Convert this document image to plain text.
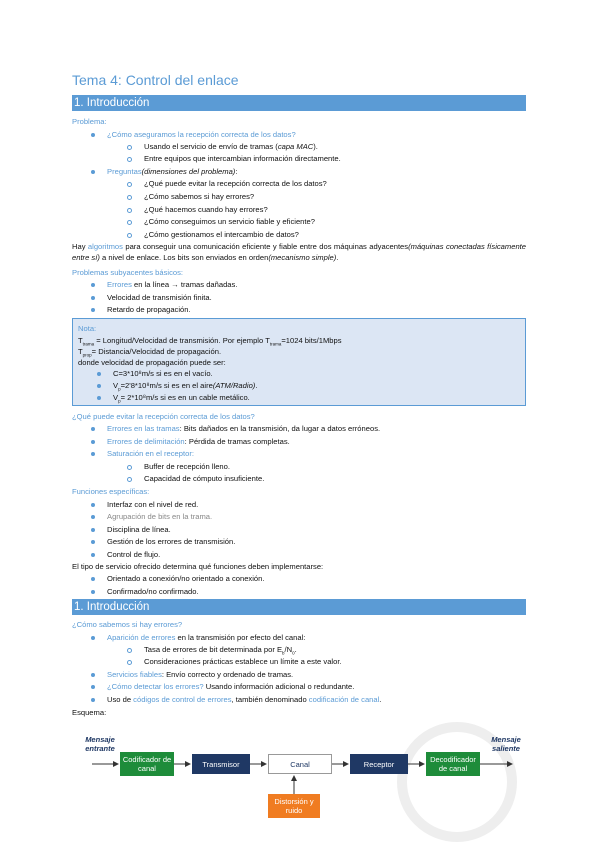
Tema 4: Control del enlace
1. Introducción
Problema:
¿Cómo aseguramos la recepción correcta de los datos?
Usando el servicio de envío de tramas (capa MAC).
Entre equipos que intercambian información directamente.
Preguntas(dimensiones del problema):
¿Qué puede evitar la recepción correcta de los datos?
¿Cómo sabemos si hay errores?
¿Qué hacemos cuando hay errores?
¿Cómo conseguimos un servicio fiable y eficiente?
¿Cómo gestionamos el intercambio de datos?
Hay algoritmos para conseguir una comunicación eficiente y fiable entre dos máquinas adyacentes(máquinas conectadas físicamente entre sí) a nivel de enlace. Los bits son enviados en orden(mecanismo simple).
Problemas subyacentes básicos:
Errores en la línea → tramas dañadas.
Velocidad de transmisión finita.
Retardo de propagación.
Nota:
$T_{trama}$ = Longitud/Velocidad de transmisión. Por ejemplo $T_{trama}=1024$ bits/1Mbps
$T_{prop}=$ Distancia/Velocidad de propagación.
donde velocidad de propagación puede ser:
C=3*10⁸m/s si es en el vacío.
$V_p=2'8*10^8m/s$ si es en el aire(ATM/Radio).
$V_p= 2*10^8m/s$ si es en un cable metálico.
¿Qué puede evitar la recepción correcta de los datos?
Errores en las tramas: Bits dañados en la transmisión, da lugar a datos erróneos.
Errores de delimitación: Pérdida de tramas completas.
Saturación en el receptor:
Buffer de recepción lleno.
Capacidad de cómputo insuficiente.
Funciones específicas:
Interfaz con el nivel de red.
Agrupación de bits en la trama.
Disciplina de línea.
Gestión de los errores de transmisión.
Control de flujo.
El tipo de servicio ofrecido determina qué funciones deben implementarse:
Orientado a conexión/no orientado a conexión.
Confirmado/no confirmado.
1. Introducción
¿Cómo sabemos si hay errores?
Aparición de errores en la transmisión por efecto del canal:
Tasa de errores de bit determinada por $E_b/N_0$.
Consideraciones prácticas establece un límite a este valor.
Servicios fiables: Envío correcto y ordenado de tramas.
¿Cómo detectar los errores? Usando información adicional o redundante.
Uso de códigos de control de errores, también denominado codificación de canal.
Esquema:
Mensaje entrante
Mensaje saliente
Codificador de canal	Transmisor	Canal	Receptor	Decodificador de canal
Distorsión y ruido
